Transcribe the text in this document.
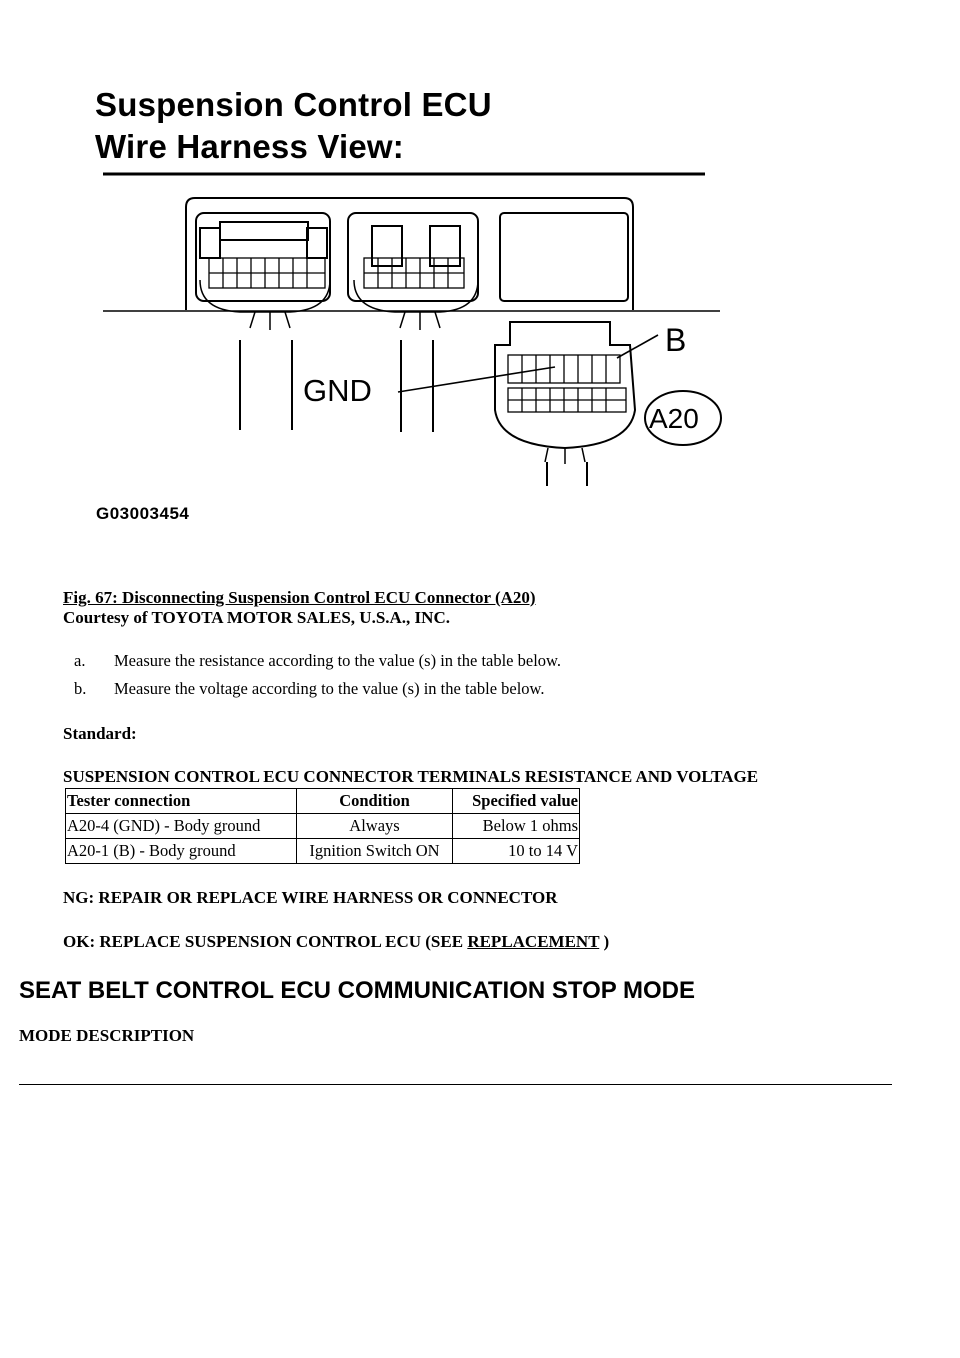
Suspension Control ECU
Wire Harness View:
GND
B
A20
G03003454
Fig. 67: Disconnecting Suspension Control ECU Connector (A20)
Courtesy of TOYOTA MOTOR SALES, U.S.A., INC.
a. Measure the resistance according to the value (s) in the table below.
b. Measure the voltage according to the value (s) in the table below.
Standard:
SUSPENSION CONTROL ECU CONNECTOR TERMINALS RESISTANCE AND VOLTAGE
Tester connection	Condition	Specified value
A20-4 (GND) - Body ground	Always	Below 1 ohms
A20-1 (B) - Body ground	Ignition Switch ON	10 to 14 V
NG: REPAIR OR REPLACE WIRE HARNESS OR CONNECTOR
OK: REPLACE SUSPENSION CONTROL ECU (SEE REPLACEMENT )
SEAT BELT CONTROL ECU COMMUNICATION STOP MODE
MODE DESCRIPTION
